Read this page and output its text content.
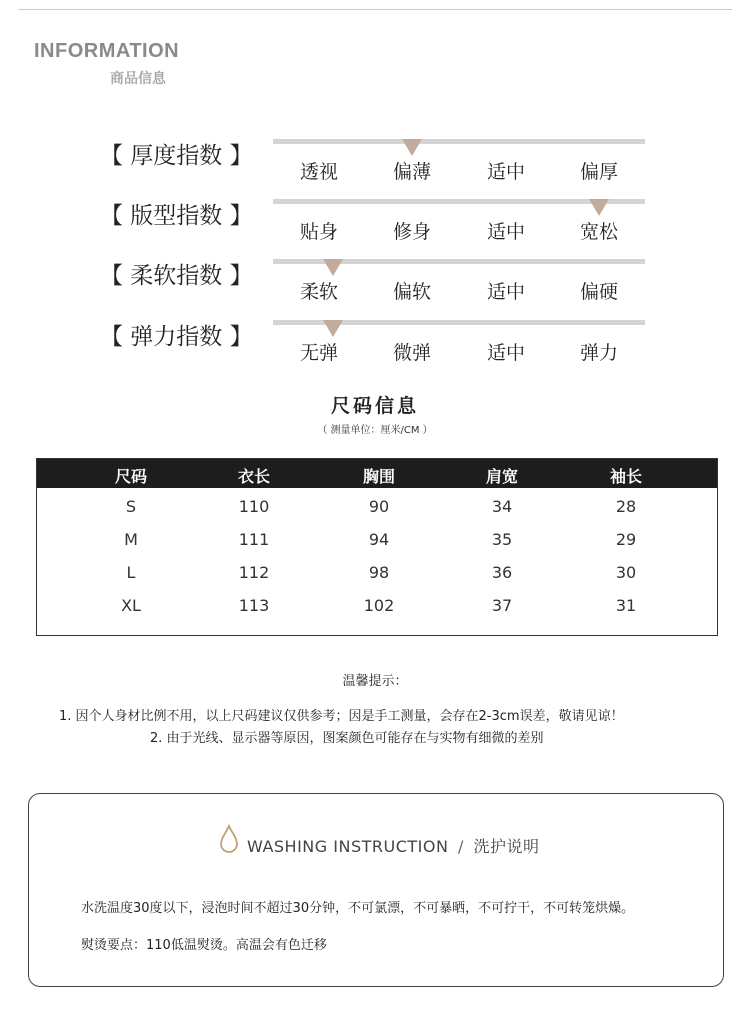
INFORMATION
商品信息
【 厚度指数 】
透视	偏薄	适中	偏厚
【 版型指数 】
贴身	修身	适中	宽松
【 柔软指数 】
柔软	偏软	适中	偏硬
【 弹力指数 】
无弹	微弹	适中	弹力
尺码信息
（ 测量单位：厘米/CM ）
尺码	衣长	胸围	肩宽	袖长
S	110	90	34	28
M	111	94	35	29
L	112	98	36	30
XL	113	102	37	31
温馨提示：
1. 因个人身材比例不用，以上尺码建议仅供参考；因是手工测量，会存在2-3cm误差，敬请见谅！
2. 由于光线、显示器等原因，图案颜色可能存在与实物有细微的差别
WASHING INSTRUCTION / 洗护说明
水洗温度30度以下，浸泡时间不超过30分钟，不可氯漂，不可暴晒，不可拧干，不可转笼烘燥。
熨烫要点：110低温熨烫。高温会有色迁移
